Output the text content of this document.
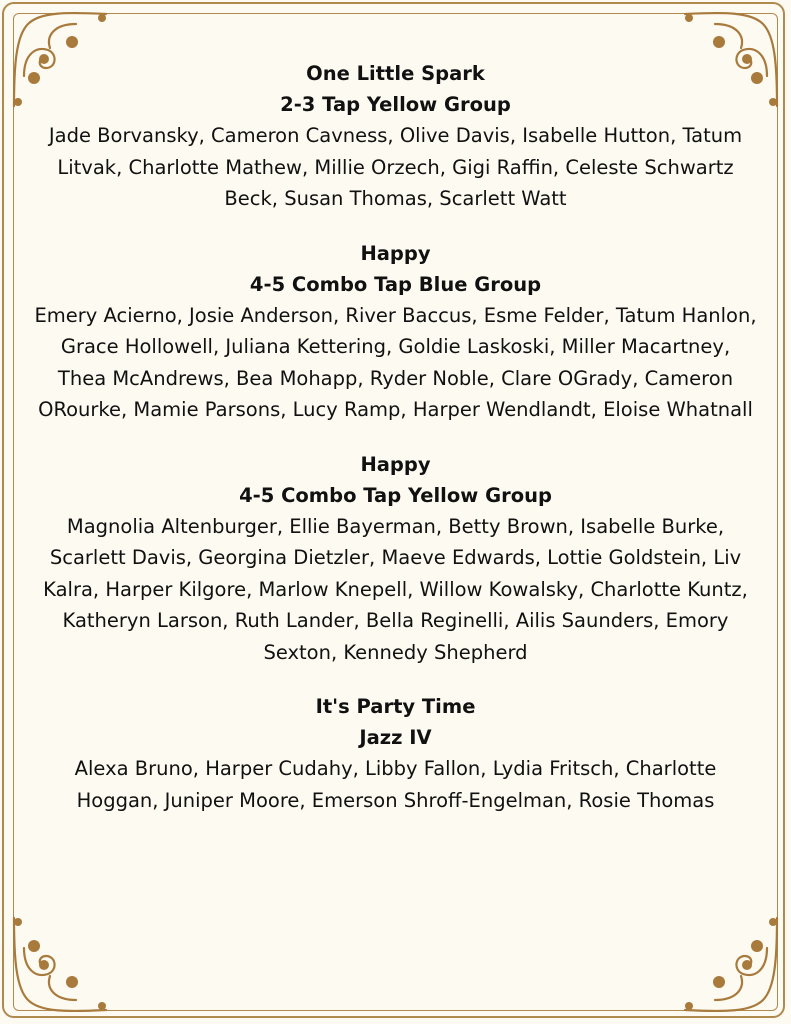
One Little Spark
2-3 Tap Yellow Group
Jade Borvansky, Cameron Cavness, Olive Davis, Isabelle Hutton, Tatum Litvak, Charlotte Mathew, Millie Orzech, Gigi Raffin, Celeste Schwartz Beck, Susan Thomas, Scarlett Watt
Happy
4-5 Combo Tap Blue Group
Emery Acierno, Josie Anderson, River Baccus, Esme Felder, Tatum Hanlon, Grace Hollowell, Juliana Kettering, Goldie Laskoski, Miller Macartney, Thea McAndrews, Bea Mohapp, Ryder Noble, Clare OGrady, Cameron ORourke, Mamie Parsons, Lucy Ramp, Harper Wendlandt, Eloise Whatnall
Happy
4-5 Combo Tap Yellow Group
Magnolia Altenburger, Ellie Bayerman, Betty Brown, Isabelle Burke, Scarlett Davis, Georgina Dietzler, Maeve Edwards, Lottie Goldstein, Liv Kalra, Harper Kilgore, Marlow Knepell, Willow Kowalsky, Charlotte Kuntz, Katheryn Larson, Ruth Lander, Bella Reginelli, Ailis Saunders, Emory Sexton, Kennedy Shepherd
It's Party Time
Jazz IV
Alexa Bruno, Harper Cudahy, Libby Fallon, Lydia Fritsch, Charlotte Hoggan, Juniper Moore, Emerson Shroff-Engelman, Rosie Thomas
